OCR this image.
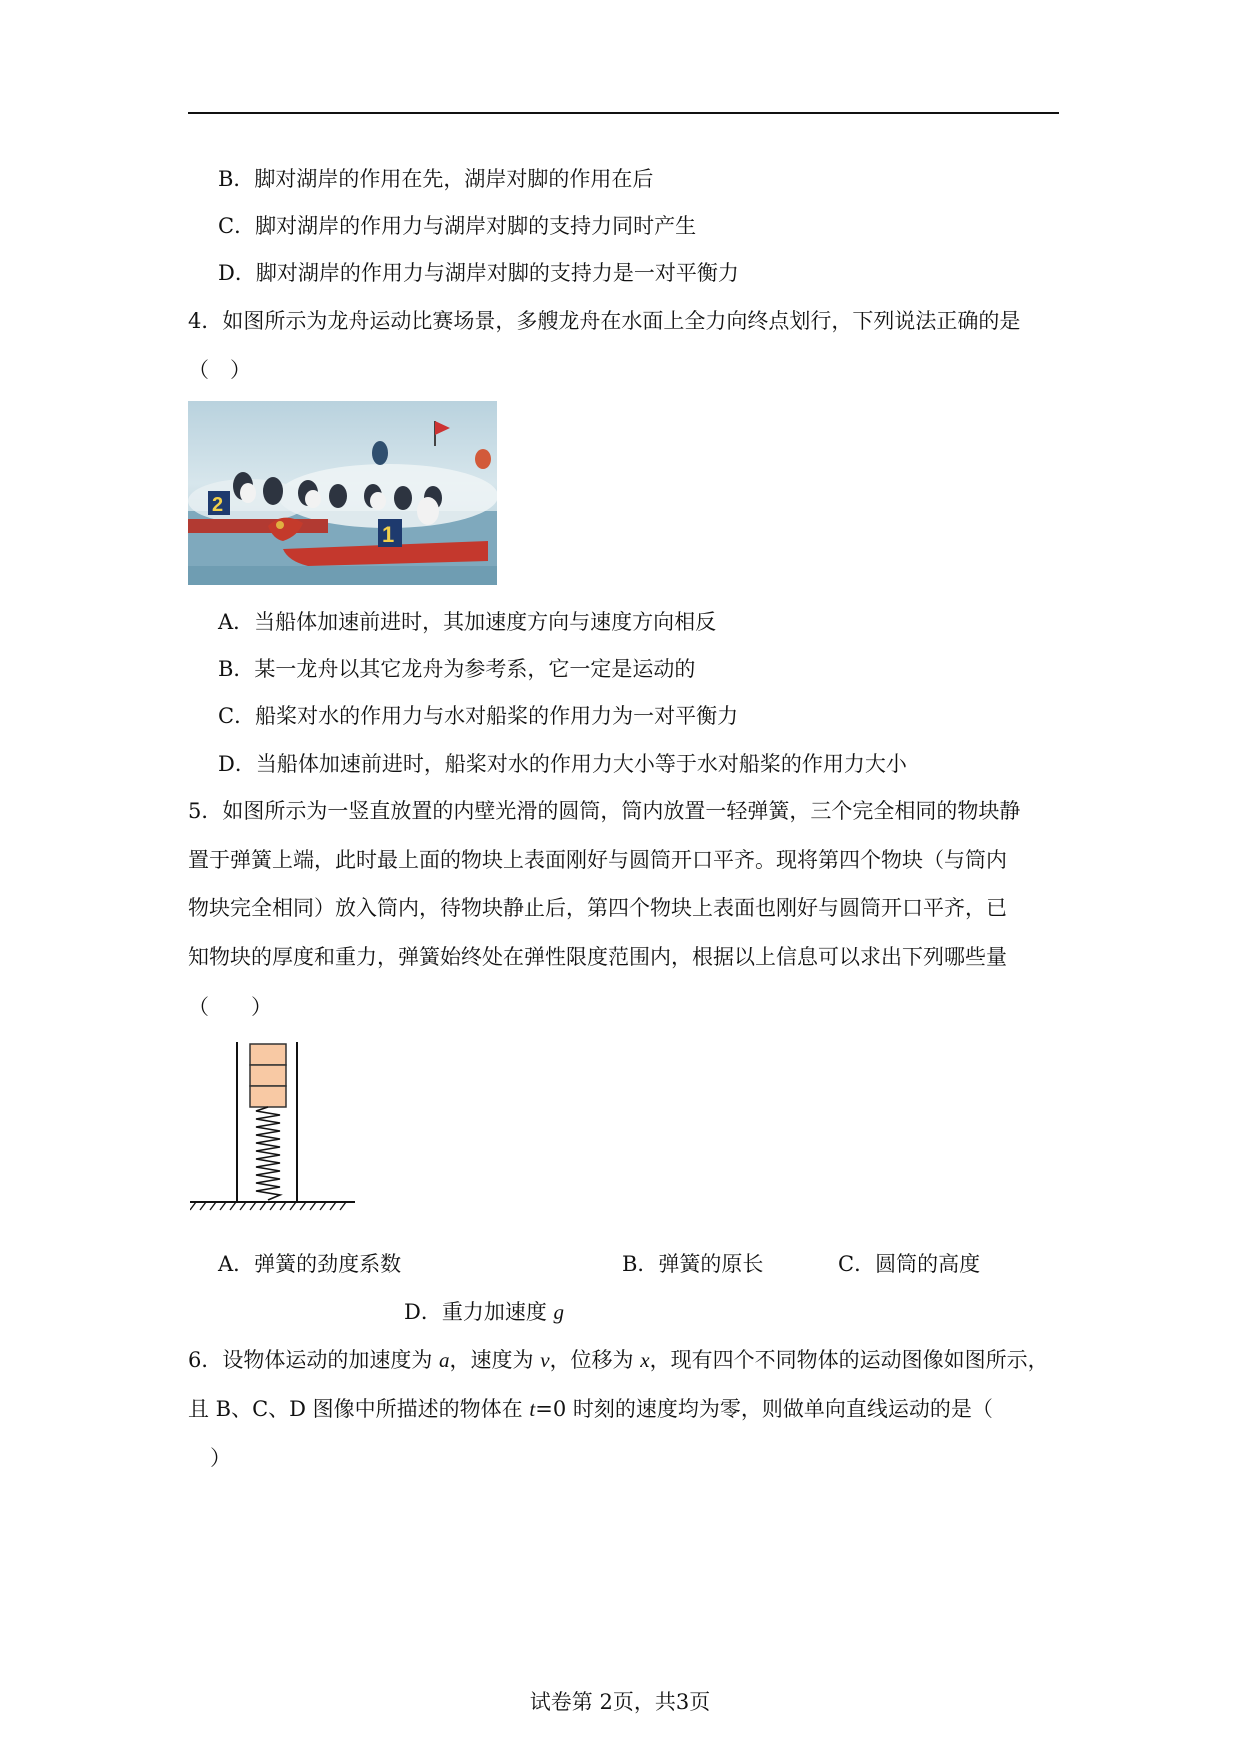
B．脚对湖岸的作用在先，湖岸对脚的作用在后
C．脚对湖岸的作用力与湖岸对脚的支持力同时产生
D．脚对湖岸的作用力与湖岸对脚的支持力是一对平衡力
4．如图所示为龙舟运动比赛场景，多艘龙舟在水面上全力向终点划行，下列说法正确的是
（　）
2
1
A．当船体加速前进时，其加速度方向与速度方向相反
B．某一龙舟以其它龙舟为参考系，它一定是运动的
C．船桨对水的作用力与水对船桨的作用力为一对平衡力
D．当船体加速前进时，船桨对水的作用力大小等于水对船桨的作用力大小
5．如图所示为一竖直放置的内壁光滑的圆筒，筒内放置一轻弹簧，三个完全相同的物块静
置于弹簧上端，此时最上面的物块上表面刚好与圆筒开口平齐。现将第四个物块（与筒内
物块完全相同）放入筒内，待物块静止后，第四个物块上表面也刚好与圆筒开口平齐，已
知物块的厚度和重力，弹簧始终处在弹性限度范围内，根据以上信息可以求出下列哪些量
（　　）
A．弹簧的劲度系数	B．弹簧的原长	C．圆筒的高度
D．重力加速度 g
6．设物体运动的加速度为 a，速度为 v，位移为 x，现有四个不同物体的运动图像如图所示，
且 B、C、D 图像中所描述的物体在 t=0 时刻的速度均为零，则做单向直线运动的是（
）
试卷第 2页，共3页
